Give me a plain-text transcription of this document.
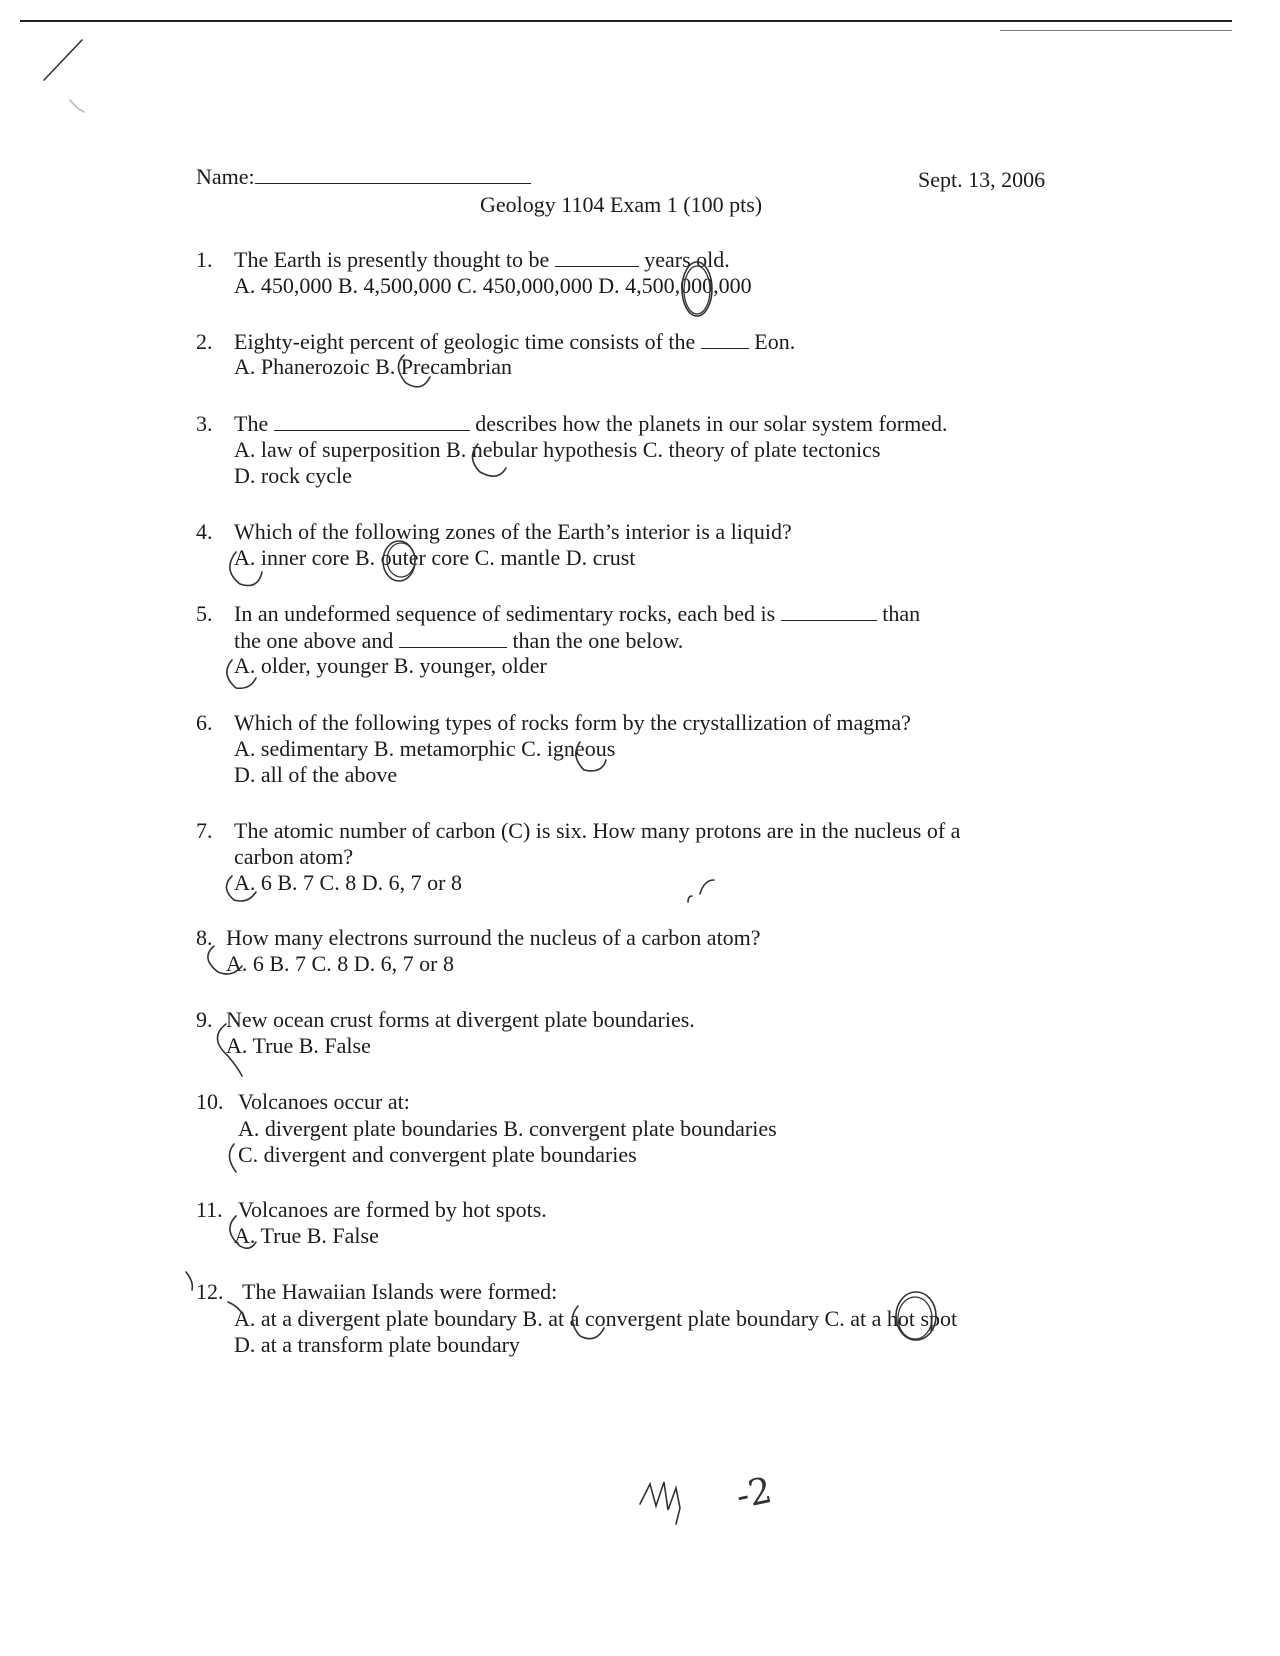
Name:	Sept. 13, 2006
Geology 1104 Exam 1 (100 pts)
1. The Earth is presently thought to be	years old.
A. 450,000 B. 4,500,000 C. 450,000,000 D. 4,500,000,000
2. Eighty-eight percent of geologic time consists of the	Eon.
A. Phanerozoic B. Precambrian
3. The	describes how the planets in our solar system formed.
A. law of superposition B. nebular hypothesis C. theory of plate tectonics
D. rock cycle
4. Which of the following zones of the Earth’s interior is a liquid?
A. inner core B. outer core C. mantle D. crust
5. In an undeformed sequence of sedimentary rocks, each bed is	than
the one above and	than the one below.
A. older, younger B. younger, older
6. Which of the following types of rocks form by the crystallization of magma?
A. sedimentary B. metamorphic C. igneous
D. all of the above
7. The atomic number of carbon (C) is six. How many protons are in the nucleus of a
carbon atom?
A. 6 B. 7 C. 8 D. 6, 7 or 8
8. How many electrons surround the nucleus of a carbon atom?
A. 6 B. 7 C. 8 D. 6, 7 or 8
9. New ocean crust forms at divergent plate boundaries.
A. True B. False
10. Volcanoes occur at:
A. divergent plate boundaries B. convergent plate boundaries
C. divergent and convergent plate boundaries
11. Volcanoes are formed by hot spots.
A. True B. False
12. The Hawaiian Islands were formed:
A. at a divergent plate boundary B. at a convergent plate boundary C. at a hot spot
D. at a transform plate boundary
-2
